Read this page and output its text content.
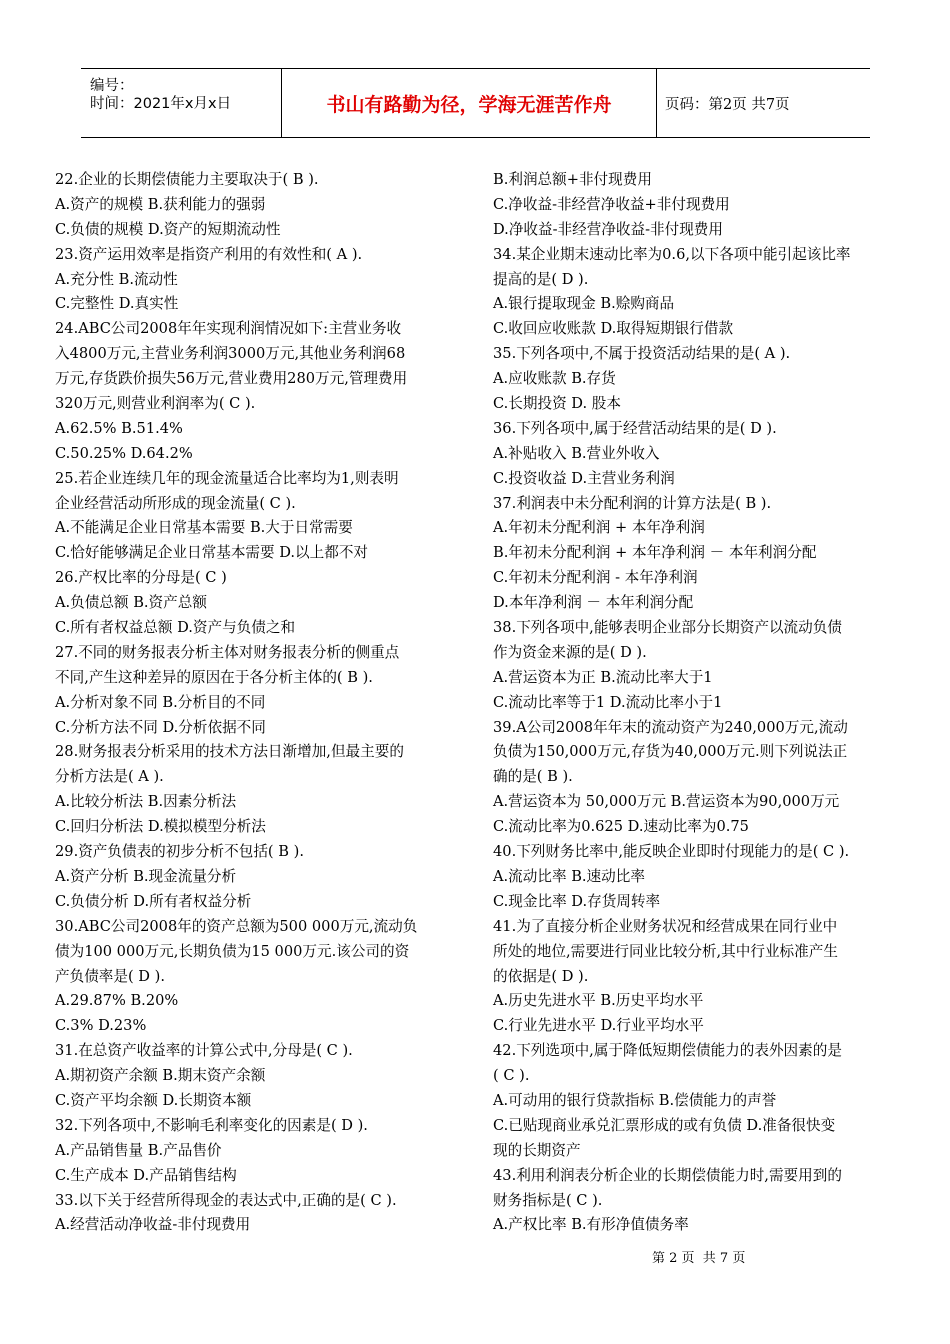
编号：
时间：2021年x月x日	书山有路勤为径，学海无涯苦作舟	页码：第2页 共7页
22.企业的长期偿债能力主要取决于( B ).
A.资产的规模 B.获利能力的强弱
C.负债的规模 D.资产的短期流动性
23.资产运用效率是指资产利用的有效性和( A ).
A.充分性 B.流动性
C.完整性 D.真实性
24.ABC公司2008年年实现利润情况如下:主营业务收
入4800万元,主营业务利润3000万元,其他业务利润68
万元,存货跌价损失56万元,营业费用280万元,管理费用
320万元,则营业利润率为( C ).
A.62.5% B.51.4%
C.50.25% D.64.2%
25.若企业连续几年的现金流量适合比率均为1,则表明
企业经营活动所形成的现金流量( C ).
A.不能满足企业日常基本需要 B.大于日常需要
C.恰好能够满足企业日常基本需要 D.以上都不对
26.产权比率的分母是( C )
A.负债总额 B.资产总额
C.所有者权益总额 D.资产与负债之和
27.不同的财务报表分析主体对财务报表分析的侧重点
不同,产生这种差异的原因在于各分析主体的( B ).
A.分析对象不同 B.分析目的不同
C.分析方法不同 D.分析依据不同
28.财务报表分析采用的技术方法日渐增加,但最主要的
分析方法是( A ).
A.比较分析法 B.因素分析法
C.回归分析法 D.模拟模型分析法
29.资产负债表的初步分析不包括( B ).
A.资产分析 B.现金流量分析
C.负债分析 D.所有者权益分析
30.ABC公司2008年的资产总额为500 000万元,流动负
债为100 000万元,长期负债为15 000万元.该公司的资
产负债率是( D ).
A.29.87% B.20%
C.3% D.23%
31.在总资产收益率的计算公式中,分母是( C ).
A.期初资产余额 B.期末资产余额
C.资产平均余额 D.长期资本额
32.下列各项中,不影响毛利率变化的因素是( D ).
A.产品销售量 B.产品售价
C.生产成本 D.产品销售结构
33.以下关于经营所得现金的表达式中,正确的是( C ).
A.经营活动净收益-非付现费用
B.利润总额+非付现费用
C.净收益-非经营净收益+非付现费用
D.净收益-非经营净收益-非付现费用
34.某企业期末速动比率为0.6,以下各项中能引起该比率
提高的是( D ).
A.银行提取现金 B.赊购商品
C.收回应收账款 D.取得短期银行借款
35.下列各项中,不属于投资活动结果的是( A ).
A.应收账款 B.存货
C.长期投资 D. 股本
36.下列各项中,属于经营活动结果的是( D ).
A.补贴收入 B.营业外收入
C.投资收益 D.主营业务利润
37.利润表中未分配利润的计算方法是( B ).
A.年初未分配利润 + 本年净利润
B.年初未分配利润 + 本年净利润 － 本年利润分配
C.年初未分配利润 - 本年净利润
D.本年净利润 － 本年利润分配
38.下列各项中,能够表明企业部分长期资产以流动负债
作为资金来源的是( D ).
A.营运资本为正 B.流动比率大于1
C.流动比率等于1 D.流动比率小于1
39.A公司2008年年末的流动资产为240,000万元,流动
负债为150,000万元,存货为40,000万元.则下列说法正
确的是( B ).
A.营运资本为 50,000万元 B.营运资本为90,000万元
C.流动比率为0.625 D.速动比率为0.75
40.下列财务比率中,能反映企业即时付现能力的是( C ).
A.流动比率 B.速动比率
C.现金比率 D.存货周转率
41.为了直接分析企业财务状况和经营成果在同行业中
所处的地位,需要进行同业比较分析,其中行业标准产生
的依据是( D ).
A.历史先进水平 B.历史平均水平
C.行业先进水平 D.行业平均水平
42.下列选项中,属于降低短期偿债能力的表外因素的是
( C ).
A.可动用的银行贷款指标 B.偿债能力的声誉
C.已贴现商业承兑汇票形成的或有负债 D.准备很快变
现的长期资产
43.利用利润表分析企业的长期偿债能力时,需要用到的
财务指标是( C ).
A.产权比率 B.有形净值债务率
第 2 页  共 7 页
